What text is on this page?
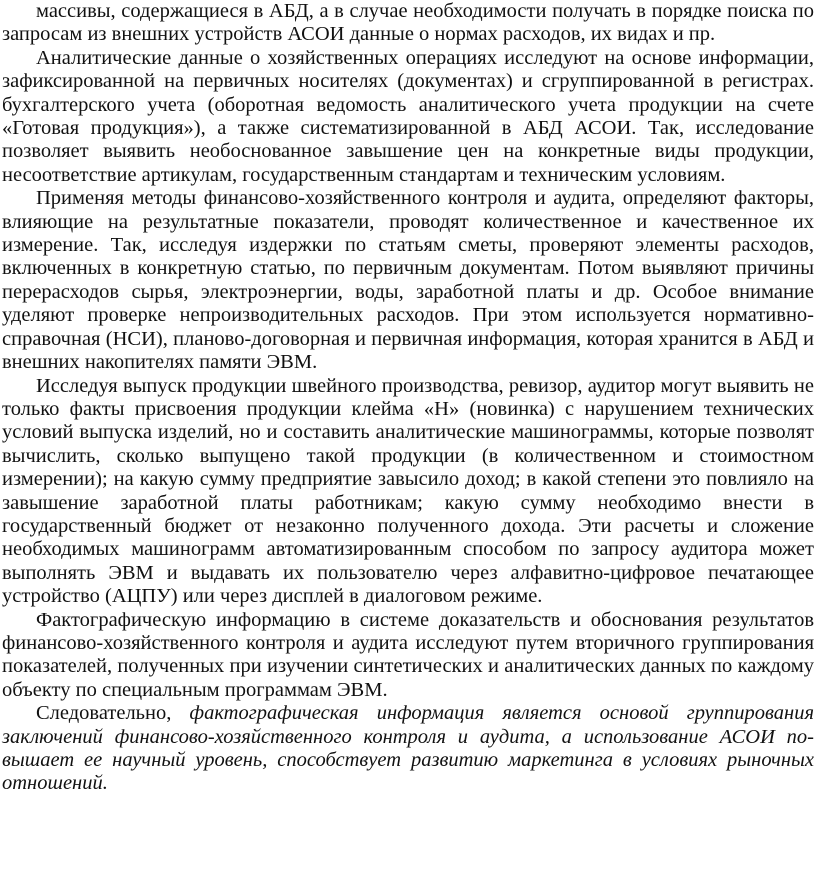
массивы, содержащиеся в АБД, а в случае необходимости получать в порядке поиска по запросам из внешних устройств АСОИ данные о нормах расходов, их видах и пр.

Аналитические данные о хозяйственных операциях исследуют на основе информации, зафиксированной на первичных носителях (документах) и сгруппированной в регистрах. бухгалтерского учета (оборотная ведомость аналитического учета продукции на счете «Готовая продукция»), а также систематизированной в АБД АСОИ. Так, исследование позволяет выявить необоснованное завышение цен на конкретные виды продукции, несоответствие артикулам, государственным стандартам и техническим условиям.

Применяя методы финансово-хозяйственного контроля и аудита, определяют факторы, влияющие на результатные показатели, проводят количественное и качественное их измерение. Так, исследуя издержки по статьям сметы, проверяют элементы расходов, включенных в конкретную статью, по первичным документам. Потом выявляют причины перерасходов сырья, электроэнергии, воды, заработной платы и др. Особое внимание уделяют проверке непроизводительных расходов. При этом используется нормативно-справочная (НСИ), планово-договорная и первичная информация, которая хранится в АБД и внешних накопителях памяти ЭВМ.

Исследуя выпуск продукции швейного производства, ревизор, аудитор могут выявить не только факты присвоения продукции клейма «Н» (новинка) с нарушением технических условий выпуска изделий, но и составить аналитические машинограммы, которые позволят вычислить, сколько выпущено такой продукции (в количественном и стоимостном измерении); на какую сумму предприятие завысило доход; в какой степени это повлияло на завышение заработной платы работникам; какую сумму необходимо внести в государственный бюджет от незаконно полученного дохода. Эти расчеты и сложение необходимых машинограмм автоматизированным способом по запросу аудитора может выполнять ЭВМ и выдавать их пользователю через алфавитно-цифровое печатающее устройство (АЦПУ) или через дисплей в диалоговом режиме.

Фактографическую информацию в системе доказательств и обоснования результатов финансово-хозяйственного контроля и аудита исследуют путем вторичного группирования показателей, полученных при изучении синтетических и аналитических данных по каждому объекту по специальным программам ЭВМ.

Следовательно, фактографическая информация является основой группирования заключений финансово-хозяйственного контроля и аудита, а использование АСОИ по-вышает ее научный уровень, способствует развитию маркетинга в условиях рыночных отношений.
